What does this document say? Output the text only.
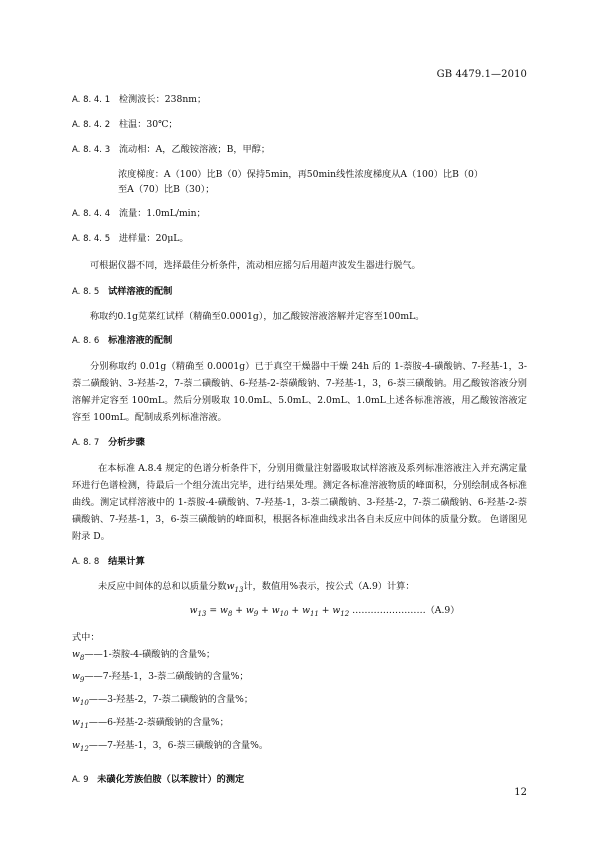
GB 4479.1—2010
A. 8. 4. 1 检测波长：238nm；
A. 8. 4. 2 柱温：30℃；
A. 8. 4. 3 流动相：A，乙酸铵溶液；B，甲醇；
浓度梯度：A（100）比B（0）保持5min，再50min线性浓度梯度从A（100）比B（0）
至A（70）比B（30）；
A. 8. 4. 4 流量：1.0mL/min；
A. 8. 4. 5 进样量：20μL。
可根据仪器不同，选择最佳分析条件，流动相应摇匀后用超声波发生器进行脱气。
A. 8. 5 试样溶液的配制
称取约0.1g苋菜红试样（精确至0.0001g），加乙酸铵溶液溶解并定容至100mL。
A. 8. 6 标准溶液的配制
分别称取约 0.01g（精确至 0.0001g）已于真空干燥器中干燥 24h 后的 1-萘胺-4-磺酸钠、7-羟基-1，3-萘二磺酸钠、3-羟基-2，7-萘二磺酸钠、6-羟基-2-萘磺酸钠、7-羟基-1，3，6-萘三磺酸钠。用乙酸铵溶液分别溶解并定容至 100mL。然后分别吸取 10.0mL、5.0mL、2.0mL、1.0mL上述各标准溶液，用乙酸铵溶液定容至 100mL。配制成系列标准溶液。
A. 8. 7 分析步骤
在本标准 A.8.4 规定的色谱分析条件下，分别用微量注射器吸取试样溶液及系列标准溶液注入并充满定量环进行色谱检测，待最后一个组分流出完毕，进行结果处理。测定各标准溶液物质的峰面积，分别绘制成各标准曲线。测定试样溶液中的 1-萘胺-4-磺酸钠、7-羟基-1，3-萘二磺酸钠、3-羟基-2，7-萘二磺酸钠、6-羟基-2-萘磺酸钠、7-羟基-1，3，6-萘三磺酸钠的峰面积，根据各标准曲线求出各自未反应中间体的质量分数。 色谱图见附录 D。
A. 8. 8 结果计算
未反应中间体的总和以质量分数$w_{13}$计，数值用%表示，按公式（A.9）计算：
$w_{13} = w_8 + w_9 + w_{10} + w_{11} + w_{12}$ ……………………（A.9）
式中：
$w_8——1-$萘胺-4-磺酸钠的含量%；
$w_9——7-$羟基-1，3-萘二磺酸钠的含量%；
$w_{10}——3-$羟基-2，7-萘二磺酸钠的含量%；
$w_{11}——6-$羟基-2-萘磺酸钠的含量%；
$w_{12}——7-$羟基-1，3，6-萘三磺酸钠的含量%。
A. 9 未磺化芳族伯胺（以苯胺计）的测定
12
